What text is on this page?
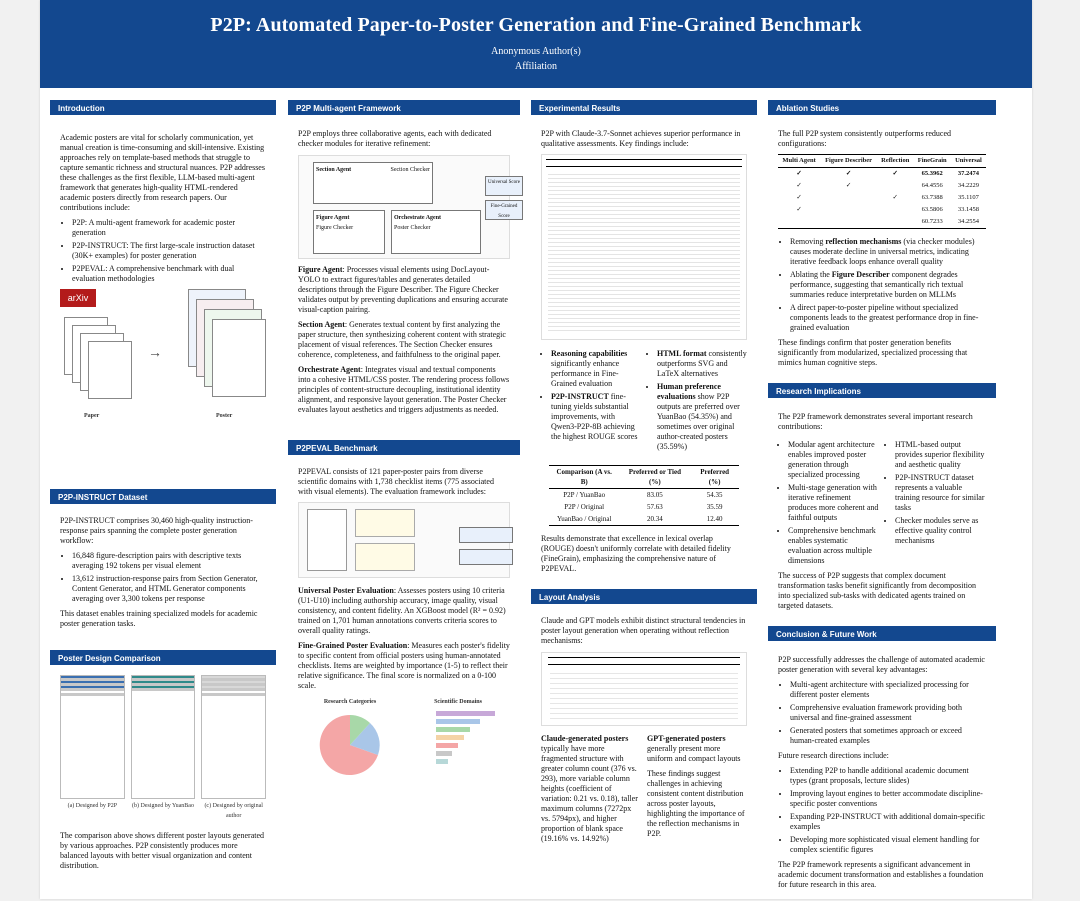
P2P: Automated Paper-to-Poster Generation and Fine-Grained Benchmark
Anonymous Author(s)
Affiliation
Introduction

Academic posters are vital for scholarly communication, yet manual creation is time-consuming and skill-intensive. Existing approaches rely on template-based methods that struggle to capture semantic richness and structural nuances. P2P addresses these challenges as the first flexible, LLM-based multi-agent framework that generates high-quality HTML-rendered academic posters directly from research papers. Our contributions include:

• P2P: A multi-agent framework for academic poster generation
• P2P-INSTRUCT: The first large-scale instruction dataset (30K+ examples) for poster generation
• P2PEVAL: A comprehensive benchmark with dual evaluation methodologies
arXiv
→
Paper	Poster
P2P-INSTRUCT Dataset

P2P-INSTRUCT comprises 30,460 high-quality instruction-response pairs spanning the complete poster generation workflow:

• 16,848 figure-description pairs with descriptive texts averaging 192 tokens per visual element
• 13,612 instruction-response pairs from Section Generator, Content Generator, and HTML Generator components averaging over 3,300 tokens per response

This dataset enables training specialized models for academic poster generation tasks.

Poster Design Comparison
(a) Designed by P2P	(b) Designed by YuanBao	(c) Designed by original author

The comparison above shows different poster layouts generated by various approaches. P2P consistently produces more balanced layouts with better visual organization and content distribution.

P2P Multi-agent Framework

P2P employs three collaborative agents, each with dedicated checker modules for iterative refinement:

Section Agent	Section Checker
Figure Agent
Figure Checker
Orchestrate Agent
Poster Checker
Universal Score
Fine-Grained Score

Figure Agent: Processes visual elements using DocLayout-YOLO to extract figures/tables and generates detailed descriptions through the Figure Describer. The Figure Checker validates output by preventing duplications and ensuring accurate visual-caption pairing.

Section Agent: Generates textual content by first analyzing the paper structure, then synthesizing coherent content with strategic placement of visual references. The Section Checker ensures coherence, completeness, and faithfulness to the original paper.

Orchestrate Agent: Integrates visual and textual components into a cohesive HTML/CSS poster. The rendering process follows principles of content-structure decoupling, institutional identity alignment, and responsive layout generation. The Poster Checker evaluates layout aesthetics and triggers adjustments as needed.

P2PEVAL Benchmark

P2PEVAL consists of 121 paper-poster pairs from diverse scientific domains with 1,738 checklist items (775 associated with visual elements). The evaluation framework includes:

Universal Poster Evaluation: Assesses posters using 10 criteria (U1-U10) including authorship accuracy, image quality, visual consistency, and content fidelity. An XGBoost model (R² = 0.92) trained on 1,701 human annotations converts criteria scores to overall quality ratings.

Fine-Grained Poster Evaluation: Measures each poster's fidelity to specific content from official posters using human-annotated checklists. Items are weighted by importance (1-5) to reflect their relative significance. The final score is normalized on a 0-100 scale.

Research Categories	Scientific Domains
Experimental Results

P2P with Claude-3.7-Sonnet achieves superior performance in qualitative assessments. Key findings include:

• Reasoning capabilities significantly enhance performance in Fine-Grained evaluation
• P2P-INSTRUCT fine-tuning yields substantial improvements, with Qwen3-P2P-8B achieving the highest ROUGE scores
• HTML format consistently outperforms SVG and LaTeX alternatives
• Human preference evaluations show P2P outputs are preferred over YuanBao (54.35%) and sometimes over original author-created posters (35.59%)
Comparison (A vs. B)	Preferred or Tied (%)	Preferred (%)
P2P / YuanBao	83.05	54.35
P2P / Original	57.63	35.59
YuanBao / Original	20.34	12.40

Results demonstrate that excellence in lexical overlap (ROUGE) doesn't uniformly correlate with detailed fidelity (FineGrain), emphasizing the comprehensive nature of P2PEVAL.

Layout Analysis

Claude and GPT models exhibit distinct structural tendencies in poster layout generation when operating without reflection mechanisms:

Claude-generated posters typically have more fragmented structure with greater column count (376 vs. 293), more variable column heights (coefficient of variation: 0.21 vs. 0.18), taller maximum columns (7272px vs. 5794px), and higher proportion of blank space (19.16% vs. 14.92%)

GPT-generated posters generally present more uniform and compact layouts

These findings suggest challenges in achieving consistent content distribution across poster layouts, highlighting the importance of the reflection mechanisms in P2P.

Ablation Studies

The full P2P system consistently outperforms reduced configurations:

Multi Agent	Figure Describer	Reflection	FineGrain	Universal
✓	✓	✓	65.3962	37.2474
✓	✓		64.4556	34.2229
✓		✓	63.7388	35.1107
✓			63.5806	33.1458
			60.7233	34.2554
• Removing reflection mechanisms (via checker modules) causes moderate decline in universal metrics, indicating iterative feedback loops enhance overall quality
• Ablating the Figure Describer component degrades performance, suggesting that semantically rich textual summaries reduce interpretative burden on MLLMs
• A direct paper-to-poster pipeline without specialized components leads to the greatest performance drop in fine-grained evaluation

These findings confirm that poster generation benefits significantly from modularized, specialized processing that mimics human cognitive steps.

Research Implications

The P2P framework demonstrates several important research contributions:

• Modular agent architecture enables improved poster generation through specialized processing
• Multi-stage generation with iterative refinement produces more coherent and faithful outputs
• Comprehensive benchmark enables systematic evaluation across multiple dimensions
• HTML-based output provides superior flexibility and aesthetic quality
• P2P-INSTRUCT dataset represents a valuable training resource for similar tasks
• Checker modules serve as effective quality control mechanisms

The success of P2P suggests that complex document transformation tasks benefit significantly from decomposition into specialized sub-tasks with dedicated agents trained on targeted datasets.

Conclusion & Future Work

P2P successfully addresses the challenge of automated academic poster generation with several key advantages:

• Multi-agent architecture with specialized processing for different poster elements
• Comprehensive evaluation framework providing both universal and fine-grained assessment
• Generated posters that sometimes approach or exceed human-created examples

Future research directions include:

• Extending P2P to handle additional academic document types (grant proposals, lecture slides)
• Improving layout engines to better accommodate discipline-specific poster conventions
• Expanding P2P-INSTRUCT with additional domain-specific examples
• Developing more sophisticated visual element handling for complex scientific figures

The P2P framework represents a significant advancement in academic document transformation and establishes a foundation for future research in this area.
